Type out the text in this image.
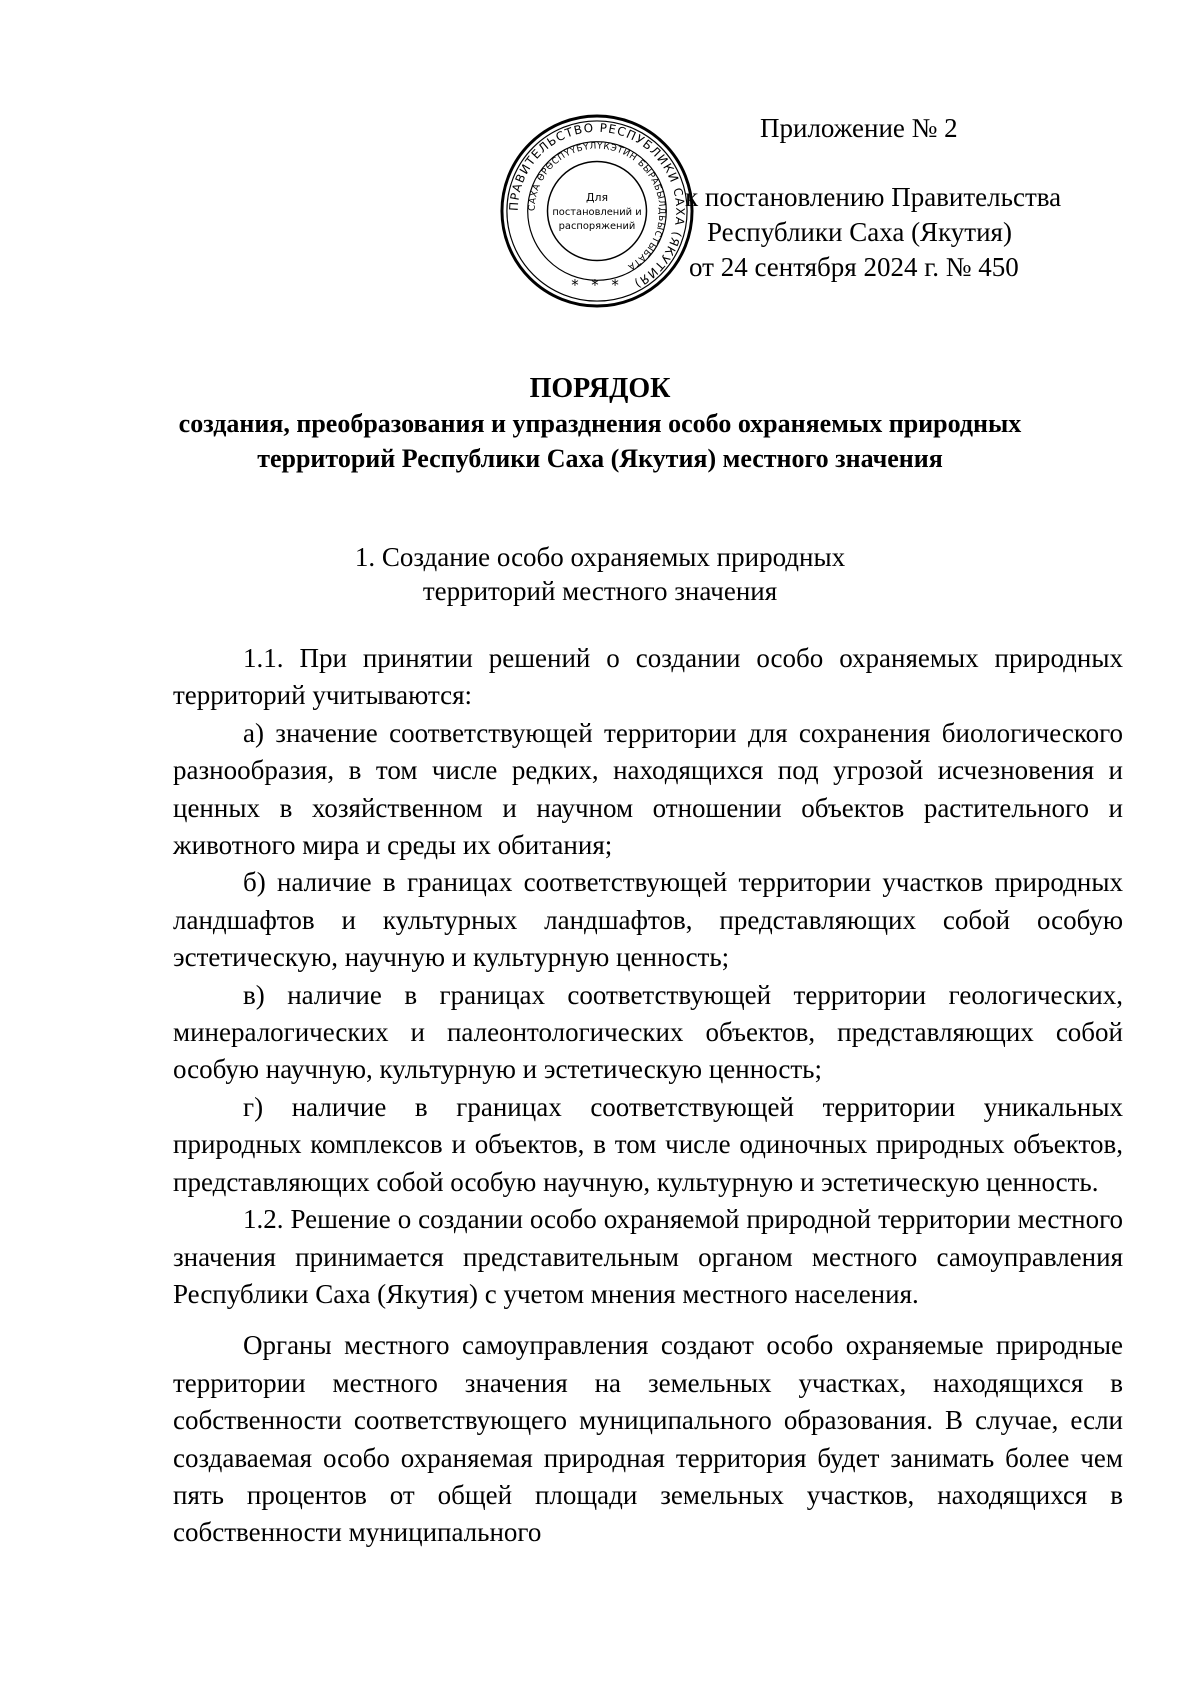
ПРАВИТЕЛЬСТВО РЕСПУБЛИКИ САХА (ЯКУТИЯ)
САХА ӨРӨСПҮҮБҮЛҮКЭТИН БЫРАБЫЛДЬЫСТЫБАТА
Для
постановлений и
распоряжений
* * *
Приложение № 2
к постановлению Правительства
Республики Саха (Якутия)
от 24 сентября 2024 г. № 450
ПОРЯДОК
создания, преобразования и упразднения особо охраняемых природных
территорий Республики Саха (Якутия) местного значения
1. Создание особо охраняемых природных
территорий местного значения

1.1. При принятии решений о создании особо охраняемых природных территорий учитываются:

а) значение соответствующей территории для сохранения биологического разнообразия, в том числе редких, находящихся под угрозой исчезновения и ценных в хозяйственном и научном отношении объектов растительного и животного мира и среды их обитания;

б) наличие в границах соответствующей территории участков природных ландшафтов и культурных ландшафтов, представляющих собой особую эстетическую, научную и культурную ценность;

в) наличие в границах соответствующей территории геологических, минералогических и палеонтологических объектов, представляющих собой особую научную, культурную и эстетическую ценность;

г) наличие в границах соответствующей территории уникальных природных комплексов и объектов, в том числе одиночных природных объектов, представляющих собой особую научную, культурную и эстетическую ценность.

1.2. Решение о создании особо охраняемой природной территории местного значения принимается представительным органом местного самоуправления Республики Саха (Якутия) с учетом мнения местного населения.

Органы местного самоуправления создают особо охраняемые природные территории местного значения на земельных участках, находящихся в собственности соответствующего муниципального образования. В случае, если создаваемая особо охраняемая природная территория будет занимать более чем пять процентов от общей площади земельных участков, находящихся в собственности муниципального
